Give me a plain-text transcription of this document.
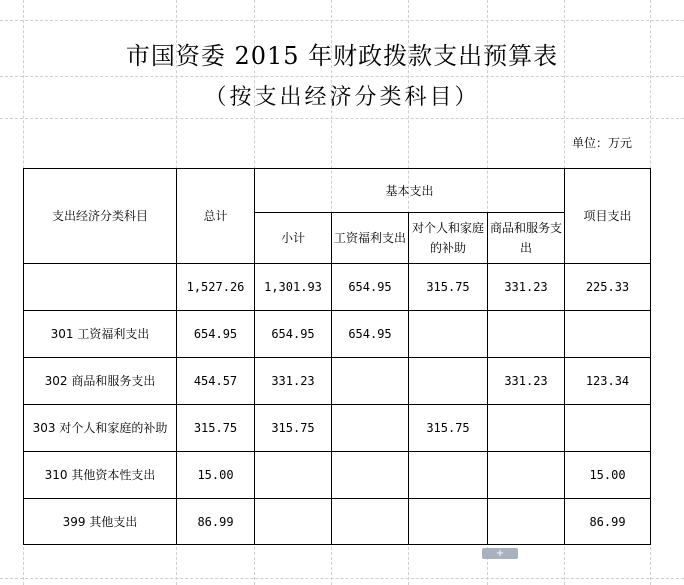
市国资委 2015 年财政拨款支出预算表
（按支出经济分类科目）
单位：万元
支出经济分类科目	总计	基本支出				项目支出
		小计	工资福利支出	对个人和家庭的补助	商品和服务支出	
	1,527.26	1,301.93	654.95	315.75	331.23	225.33
301 工资福利支出	654.95	654.95	654.95			
302 商品和服务支出	454.57	331.23			331.23	123.34
303 对个人和家庭的补助	315.75	315.75		315.75		
310 其他资本性支出	15.00					15.00
399 其他支出	86.99					86.99
+
